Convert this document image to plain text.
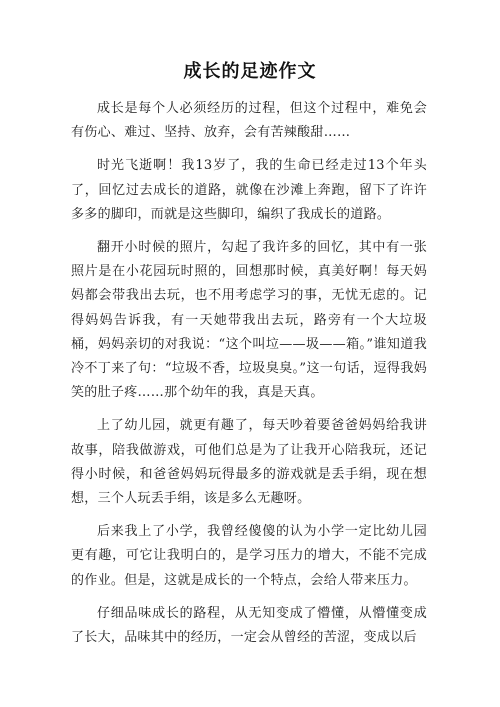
成长的足迹作文

成长是每个人必须经历的过程，但这个过程中，难免会有伤心、难过、坚持、放弃，会有苦辣酸甜……

时光飞逝啊！我13岁了，我的生命已经走过13个年头了，回忆过去成长的道路，就像在沙滩上奔跑，留下了许许多多的脚印，而就是这些脚印，编织了我成长的道路。

翻开小时候的照片，勾起了我许多的回忆，其中有一张照片是在小花园玩时照的，回想那时候，真美好啊！每天妈妈都会带我出去玩，也不用考虑学习的事，无忧无虑的。记得妈妈告诉我，有一天她带我出去玩，路旁有一个大垃圾桶，妈妈亲切的对我说：“这个叫垃——圾——箱。”谁知道我冷不丁来了句：“垃圾不香，垃圾臭臭。”这一句话，逗得我妈笑的肚子疼……那个幼年的我，真是天真。

上了幼儿园，就更有趣了，每天吵着要爸爸妈妈给我讲故事，陪我做游戏，可他们总是为了让我开心陪我玩，还记得小时候，和爸爸妈妈玩得最多的游戏就是丢手绢，现在想想，三个人玩丢手绢，该是多么无趣呀。

后来我上了小学，我曾经傻傻的认为小学一定比幼儿园更有趣，可它让我明白的，是学习压力的增大，不能不完成的作业。但是，这就是成长的一个特点，会给人带来压力。

仔细品味成长的路程，从无知变成了懵懂，从懵懂变成了长大，品味其中的经历，一定会从曾经的苦涩，变成以后
